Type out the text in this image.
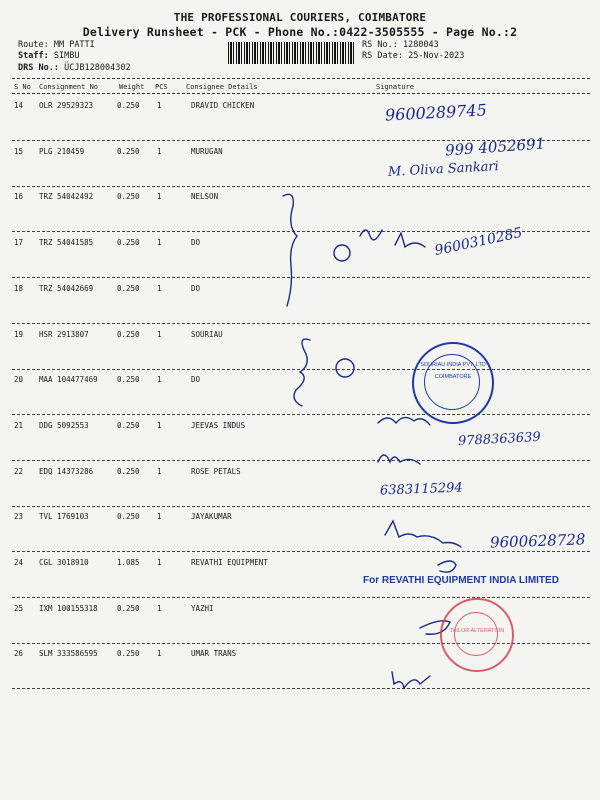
THE PROFESSIONAL COURIERS, COIMBATORE
Delivery Runsheet - PCK - Phone No.:0422-3505555 - Page No.:2
Route: MM PATTI
Staff: SIMBU
DRS No.: ÜCJB128004302
RS No.: 1280043
RS Date: 25-Nov-2023
S No Consignment No	Weight PCS	Consignee Details	Signature
14 OLR 29529323	0.250 1	DRAVID CHICKEN
15 PLG 210459	0.250 1	MURUGAN
16 TRZ 54042492	0.250 1	NELSON
17 TRZ 54041585	0.250 1	DO
18 TRZ 54042669	0.250 1	DO
19 HSR 2913807	0.250 1	SOURIAU
20 MAA 104477469	0.250 1	DO
21 DDG 5092553	0.250 1	JEEVAS INDUS
22 EDQ 14373286	0.250 1	ROSE PETALS
23 TVL 1769103	0.250 1	JAYAKUMAR
24 CGL 3018910	1.085 1	REVATHI EQUIPMENT
25 IXM 100155318	0.250 1	YAZHI
26 SLM 333586595	0.250 1	UMAR TRANS
9600289745
999 4052691
M. Oliva Sankari
9600310285
9788363639
6383115294
9600628728
SOURIAU INDIA PVT. LTD
COIMBATORE
For REVATHI EQUIPMENT INDIA LIMITED
TAILOR ALTERATION
